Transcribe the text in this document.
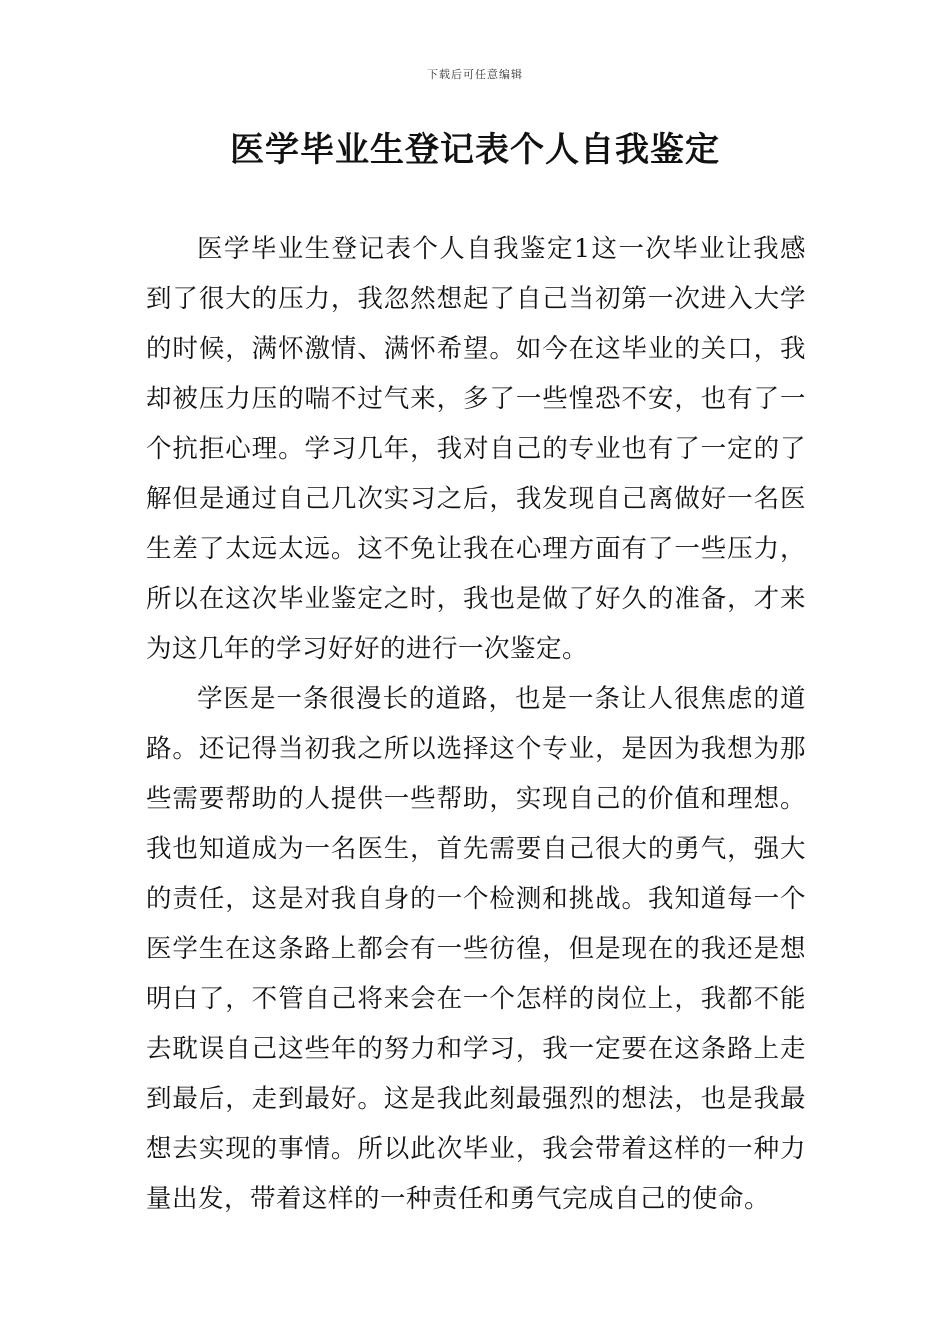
下载后可任意编辑
医学毕业生登记表个人自我鉴定

医学毕业生登记表个人自我鉴定1这一次毕业让我感到了很大的压力，我忽然想起了自己当初第一次进入大学的时候，满怀激情、满怀希望。如今在这毕业的关口，我却被压力压的喘不过气来，多了一些惶恐不安，也有了一个抗拒心理。学习几年，我对自己的专业也有了一定的了解但是通过自己几次实习之后，我发现自己离做好一名医生差了太远太远。这不免让我在心理方面有了一些压力，所以在这次毕业鉴定之时，我也是做了好久的准备，才来为这几年的学习好好的进行一次鉴定。

学医是一条很漫长的道路，也是一条让人很焦虑的道路。还记得当初我之所以选择这个专业，是因为我想为那些需要帮助的人提供一些帮助，实现自己的价值和理想。我也知道成为一名医生，首先需要自己很大的勇气，强大的责任，这是对我自身的一个检测和挑战。我知道每一个医学生在这条路上都会有一些彷徨，但是现在的我还是想明白了，不管自己将来会在一个怎样的岗位上，我都不能去耽误自己这些年的努力和学习，我一定要在这条路上走到最后，走到最好。这是我此刻最强烈的想法，也是我最想去实现的事情。所以此次毕业，我会带着这样的一种力量出发，带着这样的一种责任和勇气完成自己的使命。
